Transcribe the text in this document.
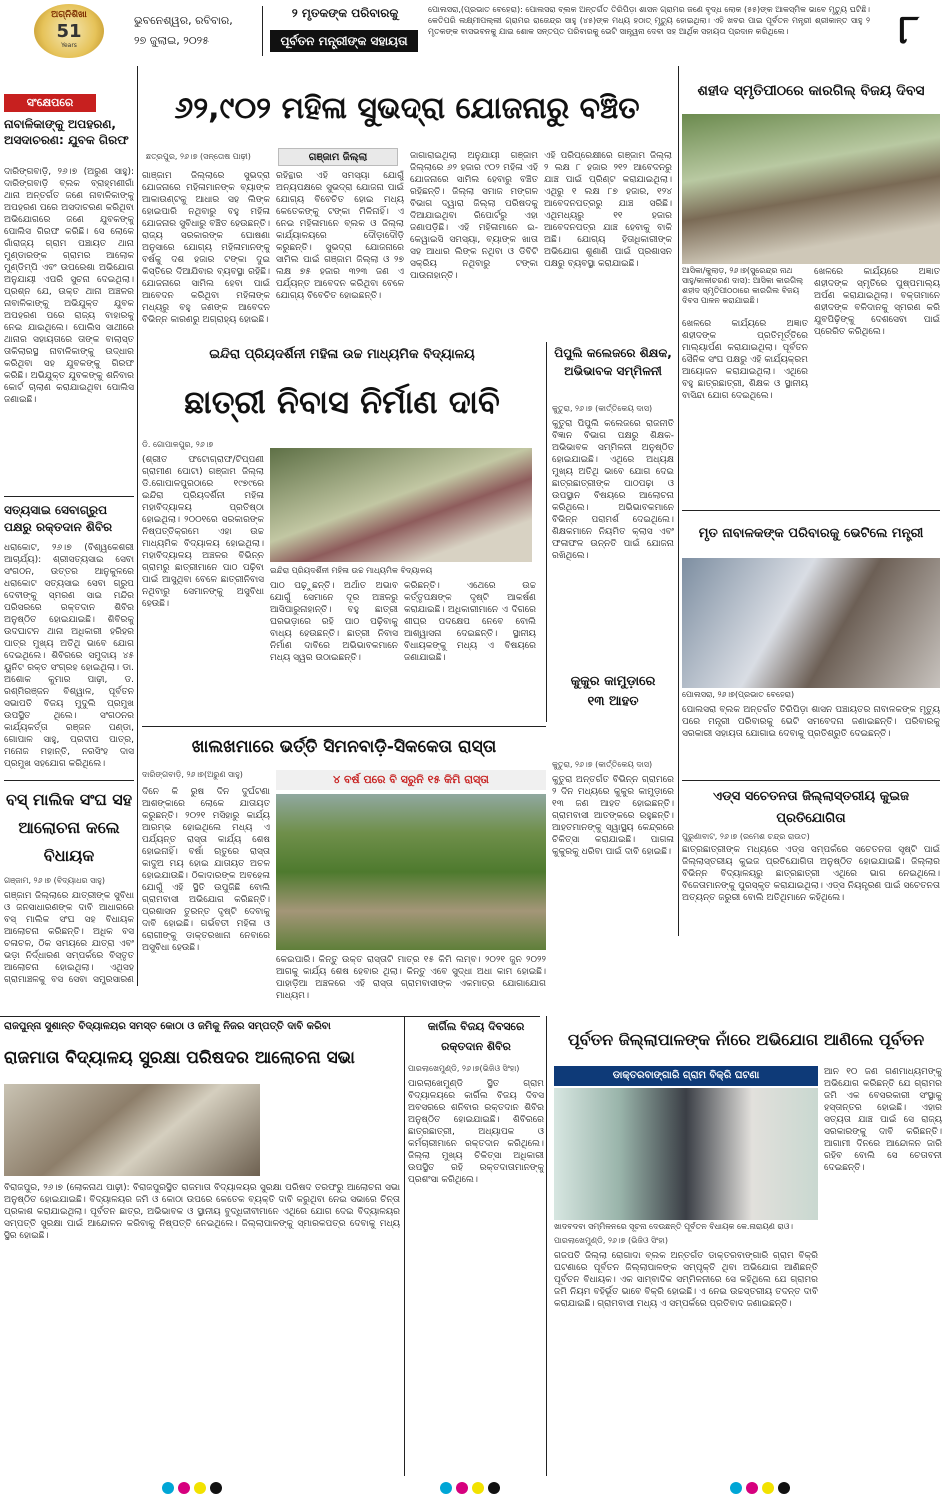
ଅଗ୍ନିଶିଖା
51
Years
ଭୁବନେଶ୍ୱର, ରବିବାର,
୨୭ ଜୁଲାଇ, ୨୦୨୫
୨ ମୃତକଙ୍କ ପରିବାରକୁ
ପୂର୍ବତନ ମନ୍ତ୍ରୀଙ୍କ ସହାୟତା
ପୋଲସରା,(ପ୍ରଭାତ ବେହେରା): ପୋଲସରା ବ୍ଲକ ଅନ୍ତର୍ଗତ ତିରିପିଡ଼ା ଶାସନ ଗ୍ରାମର ଜଣେ ବୃଦ୍ଧ ଲୋକ (୫୫)ଙ୍କ ଆକସ୍ମିକ ଭାବେ ମୃତ୍ୟୁ ଘଟିଛି। କେତିପରି ଲକ୍ଷ୍ମୀପଲ୍ଲୀ ଗ୍ରାମର ରାଜେନ୍ଦ୍ର ସାହୁ (୪୫)ଙ୍କ ମଧ୍ୟ ହଠାତ୍ ମୃତ୍ୟୁ ହୋଇଥିଲା। ଏହି ଖବର ପାଇ ପୂର୍ବତନ ମନ୍ତ୍ରୀ ଶ୍ରୀକାନ୍ତ ସାହୁ ୨ ମୃତକଙ୍କ ବାସଭବନକୁ ଯାଇ ଶୋକ ସନ୍ତପ୍ତ ପରିବାରକୁ ଭେଟି ସାନ୍ତ୍ୱନା ଦେବା ସହ ଆର୍ଥିକ ସହାୟତା ପ୍ରଦାନ କରିଥିଲେ।	୮
ସଂକ୍ଷେପରେ
ନାବାଳିକାଙ୍କୁ ଅପହରଣ, ଅସଦାଚରଣ: ଯୁବକ ଗିରଫ
ଦାରିଙ୍ଗବାଡ଼ି, ୨୬।୭ (ଅରୁଣ ସାହୁ): ଦାରିଙ୍ଗବାଡ଼ି ବ୍ଲକ ବ୍ରାହ୍ମଣୀଗାଁ ଥାନା ଅନ୍ତର୍ଗତ ଜଣେ ନାବାଳିକାଙ୍କୁ ଅପହରଣ ପରେ ଅସଦାଚରଣ କରିଥିବା ଅଭିଯୋଗରେ ଜଣେ ଯୁବକଙ୍କୁ ପୋଲିସ ଗିରଫ କରିଛି। ସେ ଲୋକେ ଗାଁରାଜ୍ୟ ଗ୍ରାମ ପଞ୍ଚାୟତ ଥାନା ମୁଣ୍ଡାରଙ୍କ ଗ୍ରାମର ଆଲୋକ ମୁଣ୍ଡିମ୍ପି ଏବଂ ଉପରେଶା ଅଭିଯୋଗ ଅନୁଯାୟୀ ଏପରି ସୁଚନା ଦେଇଥିଲା। ପ୍ରଶ୍ନ ଯେ, ଉକ୍ତ ଥାନା ଅଞ୍ଚଳର ନାବାଳିକାଙ୍କୁ ଅଭିଯୁକ୍ତ ଯୁବକ ଅପହରଣ ପରେ ରାଜ୍ୟ ବାହାରକୁ ନେଇ ଯାଇଥିଲେ। ପୋଲିସ ସାଥୀରେ ଥାନାର ସହାୟତାରେ ତାଙ୍କ ବାଲାସ୍ତ ତାକିଲାରସ୍ଥ ନାବାଳିକାଙ୍କୁ ଉଦ୍ଧାର କରିଥିବା ସହ ଯୁବକଙ୍କୁ ଗିରଫ କରିଛି। ଅଭିଯୁକ୍ତ ଯୁବକଙ୍କୁ ଶନିବାର କୋର୍ଟ ଚାଲାଣ କରାଯାଇଥିବା ପୋଲିସ ଜଣାଇଛି।
ସତ୍ୟସାଇ ସେବାଗ୍ରୁପ ପକ୍ଷରୁ ରକ୍ତଦାନ ଶିବିର
ଧରାକୋଟ, ୨୬।୭ (ବିଶ୍ୱକେଶରୀ ଆଚାର୍ଯ୍ୟ): ଶ୍ରୀସତ୍ୟସାଇ ସେବା ସଂଗଠନ, ଉତ୍ତର ଆନୁକୁଳରେ ଧରାକୋଟ ସତ୍ୟସାଇ ସେବା ଗ୍ରୁପ ଦେବୀଙ୍କୁ ସ୍ମରଣ ସାଇ ମନ୍ଦିର ପରିସରରେ ରକ୍ତଦାନ ଶିବିର ଅନୁଷ୍ଠିତ ହୋଇଯାଇଛି। ଶିବିରକୁ ଉଦଘାଟନ ଥାନା ଅଧିକାରୀ ହରିହର ପାତ୍ର ମୁଖ୍ୟ ଅତିଥି ଭାବେ ଯୋଗ ଦେଇଥିଲେ। ଶିବିରରେ ସମୁଦାୟ ୪୫ ୟୁନିଟ ରକ୍ତ ସଂଗ୍ରହ ହୋଇଥିଲା। ଡା. ଅଶୋକ କୁମାର ପାଢ଼ୀ, ଡ. ରଶ୍ମିରଞ୍ଜନ ବିଶ୍ୱାଳ, ପୂର୍ବତନ ସଭାପତି ବିଜୟ ମୁଦୁଲି ପ୍ରମୁଖ ଉପସ୍ଥିତ ଥିଲେ। ସଂଗଠନର କାର୍ଯ୍ୟକର୍ତ୍ତା ରଞ୍ଜନ ପଣ୍ଡା, ଗୋପାଳ ସାହୁ, ପ୍ରଦୀପ ପାତ୍ର, ମନୋଜ ମହାନ୍ତି, ନରସିଂହ ଦାସ ପ୍ରମୁଖ ସହଯୋଗ କରିଥିଲେ।
ବସ୍ ମାଲିକ ସଂଘ ସହ ଆଲୋଚନା କଲେ ବିଧାୟକ
ଗଞ୍ଜାମ, ୨୬।୭ (ବିଦ୍ୟାଧର ସାହୁ)
ଗଞ୍ଜାମ ଜିଲ୍ଲାରେ ଯାତ୍ରୀଙ୍କ ସୁବିଧା ଓ ଜନସାଧାରଣଙ୍କ ଦାବି ଆଧାରରେ ବସ୍ ମାଲିକ ସଂଘ ସହ ବିଧାୟକ ଆଲୋଚନା କରିଛନ୍ତି। ଅଧିକ ବସ ଚଳାଚଳ, ଠିକ ସମୟରେ ଯାତ୍ରା ଏବଂ ଭଡ଼ା ନିର୍ଦ୍ଧାରଣ ସମ୍ପର୍କରେ ବିସ୍ତୃତ ଆଲୋଚନା ହୋଇଥିଲା। ଏଥିସହ ଗ୍ରାମାଞ୍ଚଳକୁ ବସ ସେବା ସମ୍ପ୍ରସାରଣ
୬୨,୯୦୨ ମହିଳା ସୁଭଦ୍ରା ଯୋଜନାରୁ ବଞ୍ଚିତ
ଛତ୍ରପୁର, ୨୬।୭ (ସନ୍ତୋଷ ପାଢ଼ୀ)	ଗଞ୍ଜାମ ଜିଲ୍ଲା
ଗାଞ୍ଜାମ ଜିଲ୍ଲାରେ ସୁଭଦ୍ରା ଯୋଜନାରେ ମହିଳାମାନଙ୍କ ବ୍ୟାଙ୍କ ଆକାଉଣ୍ଟକୁ ଆଧାର ସହ ଲିଙ୍କ ହୋଇପାରି ନଥିବାରୁ ବହୁ ମହିଳା ଯୋଜନାର ସୁବିଧାରୁ ବଞ୍ଚିତ ହେଉଛନ୍ତି। ରାଜ୍ୟ ସରକାରଙ୍କ ଘୋଷଣା ଅନୁସାରେ ଯୋଗ୍ୟ ମହିଳାମାନଙ୍କୁ ବର୍ଷକୁ ଦଶ ହଜାର ଟଙ୍କା ଦୁଇ କିସ୍ତିରେ ଦିଆଯିବାର ବ୍ୟବସ୍ଥା ରହିଛି। ଯୋଜନାରେ ସାମିଲ ହେବା ପାଇଁ ଆବେଦନ କରିଥିବା ମହିଳାଙ୍କ ମଧ୍ୟରୁ ବହୁ ଜଣଙ୍କ ଆବେଦନ ବିଭିନ୍ନ କାରଣରୁ ଅଗ୍ରାହ୍ୟ ହୋଇଛି।
ରହିନ୍ଥାର ଏହି ସମସ୍ୟା ଯୋଗୁଁ ଅନ୍ୟପକ୍ଷରେ ସୁଭଦ୍ରା ଯୋଜନା ପାଇଁ ଯୋଗ୍ୟ ବିବେଚିତ ହୋଇ ମଧ୍ୟ କେତେକଙ୍କୁ ଟଙ୍କା ମିଳିନାହିଁ। ଏ ନେଇ ମହିଳାମାନେ ବ୍ଲକ ଓ ଜିଲ୍ଲା କାର୍ଯ୍ୟାଳୟରେ ଦୌଡ଼ାଦୌଡ଼ି କରୁଛନ୍ତି। ସୁଭଦ୍ରା ଯୋଜନାରେ ସାମିଲ ପାଇଁ ଗଞ୍ଜାମ ଜିଲ୍ଲା ଓ ୨୭ ଲକ୍ଷ ୭୫ ହଜାର ୩୨୩ ଜଣ ଏ ପର୍ଯ୍ୟନ୍ତ ଆବେଦନ କରିଥିବା ବେଳେ ଯୋଗ୍ୟ ବିବେଚିତ ହୋଇଛନ୍ତି।
ଜାଗାରାଇଥିଲା ଅନୁଯାୟୀ ଗଞ୍ଜାମ ଜିଲ୍ଲାରେ ୬୨ ହଜାର ୯୦୨ ମହିଳା ଏହି ଯୋଜନାରେ ସାମିଲ ହେବାରୁ ବଞ୍ଚିତ ରହିଛନ୍ତି। ଜିଲ୍ଲା ସମାଜ ମଙ୍ଗଳ ବିଭାଗ ଦ୍ୱାରା ଜିଲ୍ଲା ପରିଷଦକୁ ଦିଆଯାଇଥିବା ରିପୋର୍ଟରୁ ଏହା ଜଣାପଡ଼ିଛି। ଏହି ମହିଳାମାନେ ଇ-କେୱାଇସି ସମସ୍ୟା, ବ୍ୟାଙ୍କ ଖାତା ସହ ଆଧାର ଲିଙ୍କ ନଥିବା ଓ ଡିବିଟି ସକ୍ରିୟ ନଥିବାରୁ ଟଙ୍କା ପାଉନାହାନ୍ତି।
ଏହି ପରିପ୍ରେକ୍ଷୀରେ ଗଞ୍ଜାମ ଜିଲ୍ଲା ୨ ଲକ୍ଷ ୮ ହଜାର ୨୧୨ ଆବେଦନରୁ ଯାଞ୍ଚ ପାଇଁ ପ୍ରିଣ୍ଟ କରାଯାଇଥିଲା। ଏଥିରୁ ୧ ଲକ୍ଷ ୮୭ ହଜାର, ୧୨୪ ଆବେଦନପତ୍ରରୁ ଯାଞ୍ଚ ସରିଛି। ଏଥିମଧ୍ୟରୁ ୧୧ ହଜାର ଆବେଦନପତ୍ର ଯାଞ୍ଚ ହେବାକୁ ବାକି ଅଛି। ଯୋଗ୍ୟ ହିତାଧିକାରୀଙ୍କ ଅଭିଯୋଗ ଶୁଣାଣି ପାଇଁ ପ୍ରଶାସନ ପକ୍ଷରୁ ବ୍ୟବସ୍ଥା କରାଯାଇଛି।
ଇନ୍ଦିରା ପ୍ରିୟଦର୍ଶିନୀ ମହିଳା ଉଚ୍ଚ ମାଧ୍ୟମିକ ବିଦ୍ୟାଳୟ
ଛାତ୍ରୀ ନିବାସ ନିର୍ମାଣ ଦାବି
ଡି. ଗୋପାଳପୁର, ୨୬।୭
(ଶ୍ରୀତ ଫଟୋଗ୍ରାଫ/ଟିପ୍ପଣୀ ଗ୍ରାମୀଣ ପୋଟା) ଗଞ୍ଜାମ ଜିଲ୍ଲା ଡି.ଗୋପାଳପୁରଠାରେ ୧୯୭୯ରେ ଇନ୍ଦିରା ପ୍ରିୟଦର୍ଶିନୀ ମହିଳା ମହାବିଦ୍ୟାଳୟ ପ୍ରତିଷ୍ଠା ହୋଇଥିଲା। ୨୦୦୧ରେ ସରକାରଙ୍କ ନିଷ୍ପତ୍ତିକ୍ରମେ ଏହା ଉଚ୍ଚ ମାଧ୍ୟମିକ ବିଦ୍ୟାଳୟ ହୋଇଥିଲା। ମହାବିଦ୍ୟାଳୟ ଅଞ୍ଚଳର ବିଭିନ୍ନ ଗ୍ରାମରୁ ଛାତ୍ରୀମାନେ ପାଠ ପଢ଼ିବା ପାଇଁ ଆସୁଥିବା ବେଳେ ଛାତ୍ରୀନିବାସ ନଥିବାରୁ ସେମାନଙ୍କୁ ଅସୁବିଧା ହେଉଛି।
ଇନ୍ଦିରା ପ୍ରିୟଦର୍ଶିନୀ ମହିଳା ଉଚ୍ଚ ମାଧ୍ୟମିକ ବିଦ୍ୟାଳୟ
ପାଠ ପଢ଼ୁଛନ୍ତି। ଅର୍ଥାତ ଅଭାବ ଯୋଗୁଁ ସେମାନେ ଦୂର ଅଞ୍ଚଳରୁ ଆସିପାରୁନାହାନ୍ତି। ବହୁ ଛାତ୍ରୀ ଘରଭଡ଼ାରେ ରହି ପାଠ ପଢ଼ିବାକୁ ବାଧ୍ୟ ହେଉଛନ୍ତି। ଛାତ୍ରୀ ନିବାସ ନିର୍ମାଣ ଦାବିରେ ଅଭିଭାବକମାନେ ମଧ୍ୟ ସ୍ୱର ଉଠାଇଛନ୍ତି।
କରିଛନ୍ତି। ଏଥେରେ ଉଚ୍ଚ କର୍ତ୍ତୃପକ୍ଷଙ୍କ ଦୃଷ୍ଟି ଆକର୍ଷଣ କରାଯାଇଛି। ଅଧିକାରୀମାନେ ଏ ଦିଗରେ ଶୀଘ୍ର ପଦକ୍ଷେପ ନେବେ ବୋଲି ଆଶ୍ୱାସନା ଦେଇଛନ୍ତି। ସ୍ଥାନୀୟ ବିଧାୟକଙ୍କୁ ମଧ୍ୟ ଏ ବିଷୟରେ ଜଣାଯାଇଛି।
ପିପୁଲି କଲେଜରେ ଶିକ୍ଷକ, ଅଭିଭାବକ ସମ୍ମିଳନୀ
କୁତୁରା, ୨୬।୭ (କାର୍ତ୍ତିକେୟ ଦାସ)
କୁତୁରା ପିପୁଲି କଲେଜରେ ରାଜନୀତି ବିଜ୍ଞାନ ବିଭାଗ ପକ୍ଷରୁ ଶିକ୍ଷକ-ଅଭିଭାବକ ସମ୍ମିଳନୀ ଅନୁଷ୍ଠିତ ହୋଇଯାଇଛି। ଏଥିରେ ଅଧ୍ୟକ୍ଷ ମୁଖ୍ୟ ଅତିଥି ଭାବେ ଯୋଗ ଦେଇ ଛାତ୍ରଛାତ୍ରୀଙ୍କ ପାଠପଢ଼ା ଓ ଉପସ୍ଥାନ ବିଷୟରେ ଆଲୋଚନା କରିଥିଲେ। ଅଭିଭାବକମାନେ ବିଭିନ୍ନ ପରାମର୍ଶ ଦେଇଥିଲେ। ଶିକ୍ଷକମାନେ ନିୟମିତ କ୍ଲାସ ଏବଂ ଫଳାଫଳ ଉନ୍ନତି ପାଇଁ ଯୋଜନା ରଖିଥିଲେ।
କୁକୁର କାମୁଡ଼ାରେ
୧୩ ଆହତ
କୁତୁରା, ୨୬।୭ (କାର୍ତ୍ତିକେୟ ଦାସ)
କୁତୁରା ଅନ୍ତର୍ଗତ ବିଭିନ୍ନ ଗ୍ରାମରେ ୨ ଦିନ ମଧ୍ୟରେ କୁକୁର କାମୁଡ଼ାରେ ୧୩ ଜଣ ଆହତ ହୋଇଛନ୍ତି। ଗ୍ରାମବାସୀ ଆତଙ୍କରେ ରହୁଛନ୍ତି। ଆହତମାନଙ୍କୁ ସ୍ୱାସ୍ଥ୍ୟ କେନ୍ଦ୍ରରେ ଚିକିତ୍ସା କରାଯାଇଛି। ପାଗଳା କୁକୁରକୁ ଧରିବା ପାଇଁ ଦାବି ହୋଇଛି।
ଶହୀଦ ସ୍ମୃତିପୀଠରେ କାରଗିଲ୍ ବିଜୟ ଦିବସ
ଆସିକା/କୁଲାଡ଼, ୨୬।୭(ସୁରେନ୍ଦ୍ର ନାଥ ସାହୁ/କାଳୀଚରଣ ଦାସ): ଆସିକା କାରଗିଲ୍ ଶହୀଦ ସ୍ମୃତିପୀଠଠାରେ କାରଗିଲ ବିଜୟ ଦିବସ ପାଳନ କରାଯାଇଛି।
ଖେଳରେ କାର୍ଯ୍ୟରେ ଅଜ୍ଞାତ ଶହୀଦଙ୍କ ପ୍ରତିମୂର୍ତ୍ତିରେ ମାଲ୍ୟାର୍ପଣ କରାଯାଇଥିଲା। ପୂର୍ବତନ ସୈନିକ ସଂଘ ପକ୍ଷରୁ ଏହି କାର୍ଯ୍ୟକ୍ରମ ଆୟୋଜନ କରାଯାଇଥିଲା। ଏଥିରେ ବହୁ ଛାତ୍ରଛାତ୍ରୀ, ଶିକ୍ଷକ ଓ ସ୍ଥାନୀୟ ବାସିନ୍ଦା ଯୋଗ ଦେଇଥିଲେ।
ଖେଳରେ କାର୍ଯ୍ୟରେ ଅଜ୍ଞାତ ଶହୀଦଙ୍କ ସ୍ମୃତିରେ ପୁଷ୍ପମାଲ୍ୟ ଅର୍ପଣ କରାଯାଇଥିଲା। ବକ୍ତାମାନେ ଶହୀଦଙ୍କ ବଳିଦାନକୁ ସ୍ମରଣ କରି ଯୁବପିଢ଼ିଙ୍କୁ ଦେଶସେବା ପାଇଁ ପ୍ରେରିତ କରିଥିଲେ।
ମୃତ ନାବାଳକଙ୍କ ପରିବାରକୁ ଭେଟିଲେ ମନ୍ତ୍ରୀ
ପୋଲସରା, ୨୬।୭(ପ୍ରଭାତ ବେହେରା)
ପୋଲସରା ବ୍ଲକ ଅନ୍ତର୍ଗତ ତିରିପିଡ଼ା ଶାସନ ପଞ୍ଚାୟତର ନାବାଳକଙ୍କ ମୃତ୍ୟୁ ପରେ ମନ୍ତ୍ରୀ ପରିବାରକୁ ଭେଟି ସମବେଦନା ଜଣାଇଛନ୍ତି। ପରିବାରକୁ ସରକାରୀ ସହାୟତା ଯୋଗାଇ ଦେବାକୁ ପ୍ରତିଶ୍ରୁତି ଦେଇଛନ୍ତି।
ଖାଲଖମାରେ ଭର୍ତ୍ତି ସିମନବାଡ଼ି-ସିକକେତା ରାସ୍ତା
ଦାରିଙ୍ଗବାଡ଼ି, ୨୬।୭(ଅରୁଣ ସାହୁ)	୪ ବର୍ଷ ପରେ ବି ସରୁନି ୧୫ କିମି ରାସ୍ତା
ଦିନେ କି ରୁଷ ଦିନ ଦୁର୍ଘଟଣା ଆଶଙ୍କାରେ ଲୋକେ ଯାତାୟତ କରୁଛନ୍ତି। ୨୦୨୧ ମସିହାରୁ କାର୍ଯ୍ୟ ଆରମ୍ଭ ହୋଇଥିଲେ ମଧ୍ୟ ଏ ପର୍ଯ୍ୟନ୍ତ ରାସ୍ତା କାର୍ଯ୍ୟ ଶେଷ ହୋଇନାହିଁ। ବର୍ଷା ଋତୁରେ ରାସ୍ତା କାଦୁଅ ମୟ ହୋଇ ଯାତାୟତ ଅଚଳ ହୋଇଯାଉଛି। ଠିକାଦାରଙ୍କ ଅବହେଳା ଯୋଗୁଁ ଏହି ସ୍ଥିତି ଉପୁଜିଛି ବୋଲି ଗ୍ରାମବାସୀ ଅଭିଯୋଗ କରିଛନ୍ତି। ପ୍ରଶାସନ ତୁରନ୍ତ ଦୃଷ୍ଟି ଦେବାକୁ ଦାବି ହୋଇଛି। ଗର୍ଭବତୀ ମହିଳା ଓ ରୋଗୀଙ୍କୁ ଡାକ୍ତରଖାନା ନେବାରେ ଅସୁବିଧା ହେଉଛି।
କେଇପାରି। କିନ୍ତୁ ଉକ୍ତ ରାସ୍ତାଟି ମାତ୍ର ୧୫ କିମି ଲମ୍ବ। ୨୦୨୧ ଜୁନ ୨୦୨୨ ଆଗକୁ କାର୍ଯ୍ୟ ଶେଷ ହେବାର ଥିଲା। କିନ୍ତୁ ଏବେ ସୁଦ୍ଧା ଅଧା କାମ ହୋଇଛି। ପାହାଡ଼ିଆ ଅଞ୍ଚଳରେ ଏହି ରାସ୍ତା ଗ୍ରାମବାସୀଙ୍କ ଏକମାତ୍ର ଯୋଗାଯୋଗ ମାଧ୍ୟମ।
ଏଡ୍ସ ସଚେତନତା ଜିଲ୍ଲାସ୍ତରୀୟ କୁଇଜ ପ୍ରତିଯୋଗିତା
ପୁରୁଣାବାଟ, ୨୬।୭ (ରମେଶ ଚନ୍ଦ୍ର ରାଉତ)
ଛାତ୍ରଛାତ୍ରୀଙ୍କ ମଧ୍ୟରେ ଏଡ୍ସ ସମ୍ପର୍କରେ ସଚେତନତା ସୃଷ୍ଟି ପାଇଁ ଜିଲ୍ଲାସ୍ତରୀୟ କୁଇଜ ପ୍ରତିଯୋଗିତା ଅନୁଷ୍ଠିତ ହୋଇଯାଇଛି। ଜିଲ୍ଲାର ବିଭିନ୍ନ ବିଦ୍ୟାଳୟରୁ ଛାତ୍ରଛାତ୍ରୀ ଏଥିରେ ଭାଗ ନେଇଥିଲେ। ବିଜେତାମାନଙ୍କୁ ପୁରସ୍କୃତ କରାଯାଇଥିଲା। ଏଡ୍ସ ନିୟନ୍ତ୍ରଣ ପାଇଁ ସଚେତନତା ଅତ୍ୟନ୍ତ ଜରୁରୀ ବୋଲି ଅତିଥିମାନେ କହିଥିଲେ।
ରାଜପୁନ୍ନା ସୁଶାନ୍ତ ବିଦ୍ୟାଳୟର ସମସ୍ତ କୋଠା ଓ ଜମିକୁ ନିଜର ସମ୍ପତ୍ତି ଦାବି କରିବା
ରାଜମାତା ବିଦ୍ୟାଳୟ ସୁରକ୍ଷା ପରିଷଦର ଆଲୋଚନା ସଭା
ବିରାଜପୁର, ୨୬।୭ (ଲୋକନାଥ ପାଢ଼ୀ): ବିରାଜପୁରସ୍ଥିତ ରାଜମାତା ବିଦ୍ୟାଳୟର ସୁରକ୍ଷା ପରିଷଦ ତରଫରୁ ଆଲୋଚନା ସଭା ଅନୁଷ୍ଠିତ ହୋଇଯାଇଛି। ବିଦ୍ୟାଳୟର ଜମି ଓ କୋଠା ଉପରେ କେତେକ ବ୍ୟକ୍ତି ଦାବି କରୁଥିବା ନେଇ ସଭାରେ ଚିନ୍ତା ପ୍ରକାଶ କରାଯାଇଥିଲା। ପୂର୍ବତନ ଛାତ୍ର, ଅଭିଭାବକ ଓ ସ୍ଥାନୀୟ ବୁଦ୍ଧିଜୀବୀମାନେ ଏଥିରେ ଯୋଗ ଦେଇ ବିଦ୍ୟାଳୟର ସମ୍ପତ୍ତି ସୁରକ୍ଷା ପାଇଁ ଆନ୍ଦୋଳନ କରିବାକୁ ନିଷ୍ପତ୍ତି ନେଇଥିଲେ। ଜିଲ୍ଲାପାଳଙ୍କୁ ସ୍ମାରକପତ୍ର ଦେବାକୁ ମଧ୍ୟ ସ୍ଥିର ହୋଇଛି।
କାର୍ଗିଲ ବିଜୟ ଦିବସରେ
ରକ୍ତଦାନ ଶିବିର
ପାରଲାଖେମୁଣ୍ଡି, ୨୬।୭(ଭିଜିଓ ସିଂହା)
ପାରଲାଖେମୁଣ୍ଡି ସ୍ଥିତ ଗ୍ରାମ ବିଦ୍ୟାଳୟରେ କାର୍ଗିଲ ବିଜୟ ଦିବସ ଅବସରରେ ଶନିବାର ରକ୍ତଦାନ ଶିବିର ଅନୁଷ୍ଠିତ ହୋଇଯାଇଛି। ଶିବିରରେ ଛାତ୍ରଛାତ୍ରୀ, ଅଧ୍ୟାପକ ଓ କର୍ମଚାରୀମାନେ ରକ୍ତଦାନ କରିଥିଲେ। ଜିଲ୍ଲା ମୁଖ୍ୟ ଚିକିତ୍ସା ଅଧିକାରୀ ଉପସ୍ଥିତ ରହି ରକ୍ତଦାତାମାନଙ୍କୁ ପ୍ରଶଂସା କରିଥିଲେ।
ପୂର୍ବତନ ଜିଲ୍ଲାପାଳଙ୍କ ନାଁରେ ଅଭିଯୋଗ ଆଣିଲେ ପୂର୍ବତନ
ଡାକ୍ତରବାଙ୍ଗାରି ଗ୍ରାମ ବିକ୍ରି ଘଟଣା
ଖାଦବଦବା ସମ୍ମିଳନରେ ସୂଚନା ଦେଉଛନ୍ତି ପୂର୍ବତନ ବିଧାୟକ କେ.ନାରାୟଣ ରାଓ।
ପାରଲାଖେମୁଣ୍ଡି, ୨୬।୭ (ଭିଜିଓ ସିଂହା)
ଗଜପତି ଜିଲ୍ଲା ରୋଗାଦା ବ୍ଲକ ଅନ୍ତର୍ଗତ ଡାକ୍ତରବାଙ୍ଗାରି ଗ୍ରାମ ବିକ୍ରି ଘଟଣାରେ ପୂର୍ବତନ ଜିଲ୍ଲାପାଳଙ୍କ ସମ୍ପୃକ୍ତି ଥିବା ଅଭିଯୋଗ ଆଣିଛନ୍ତି ପୂର୍ବତନ ବିଧାୟକ। ଏକ ସାମ୍ବାଦିକ ସମ୍ମିଳନୀରେ ସେ କହିଥିଲେ ଯେ ଗ୍ରାମର ଜମି ନିୟମ ବହିର୍ଭୂତ ଭାବେ ବିକ୍ରି ହୋଇଛି। ଏ ନେଇ ଉଚ୍ଚସ୍ତରୀୟ ତଦନ୍ତ ଦାବି କରାଯାଇଛି। ଗ୍ରାମବାସୀ ମଧ୍ୟ ଏ ସମ୍ପର୍କରେ ପ୍ରତିବାଦ ଜଣାଇଛନ୍ତି।
ଆନ ୧୦ ଜଣ ଗଣମାଧ୍ୟମଙ୍କୁ ଅଭିଯୋଗ କରିଛନ୍ତି ଯେ ଗ୍ରାମର ଜମି ଏକ ବେସରକାରୀ ସଂସ୍ଥାକୁ ହସ୍ତାନ୍ତର ହୋଇଛି। ଏହାର ସତ୍ୟତା ଯାଞ୍ଚ ପାଇଁ ସେ ରାଜ୍ୟ ସରକାରଙ୍କୁ ଦାବି କରିଛନ୍ତି। ଆଗାମୀ ଦିନରେ ଆନ୍ଦୋଳନ ଜାରି ରହିବ ବୋଲି ସେ ଚେତାବନୀ ଦେଇଛନ୍ତି।
